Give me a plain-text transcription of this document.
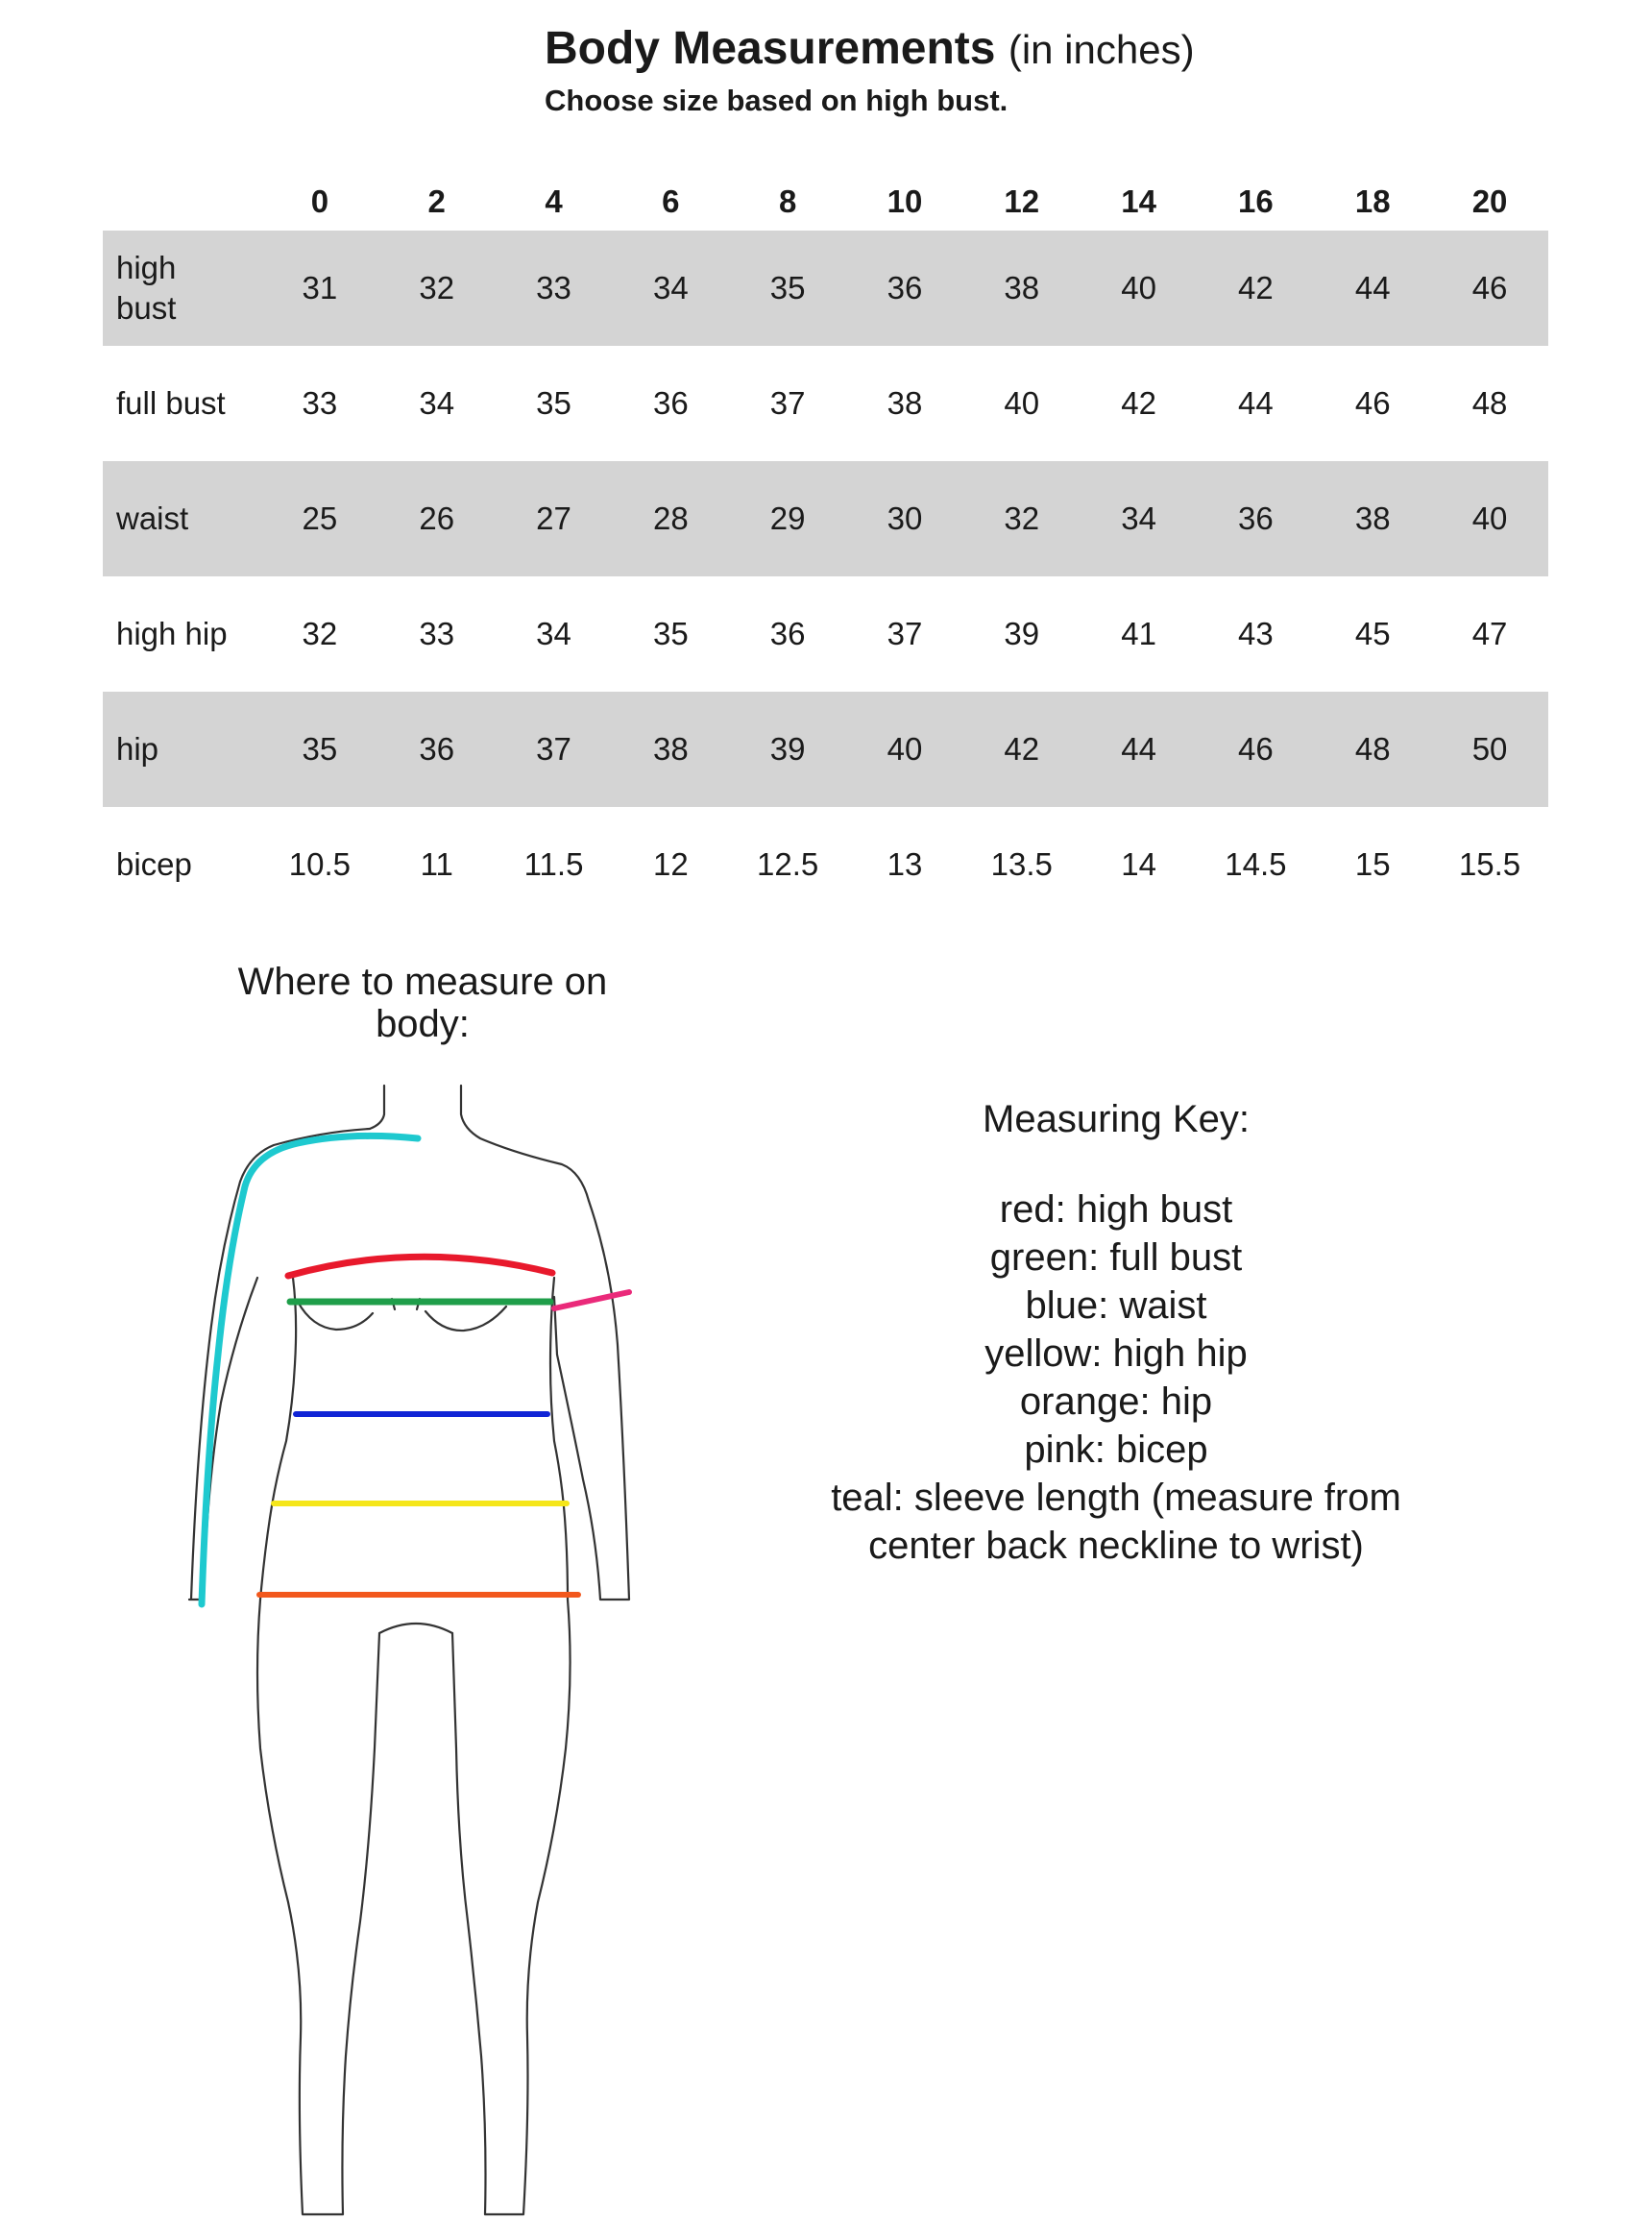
Body Measurements (in inches)
Choose size based on high bust.
	0	2	4	6	8	10	12	14	16	18	20
high
bust	31	32	33	34	35	36	38	40	42	44	46
full bust	33	34	35	36	37	38	40	42	44	46	48
waist	25	26	27	28	29	30	32	34	36	38	40
high hip	32	33	34	35	36	37	39	41	43	45	47
hip	35	36	37	38	39	40	42	44	46	48	50
bicep	10.5	11	11.5	12	12.5	13	13.5	14	14.5	15	15.5
Where to measure on body:
Measuring Key:
red: high bust
green: full bust
blue: waist
yellow: high hip
orange: hip
pink: bicep
teal: sleeve length (measure from center back neckline to wrist)
